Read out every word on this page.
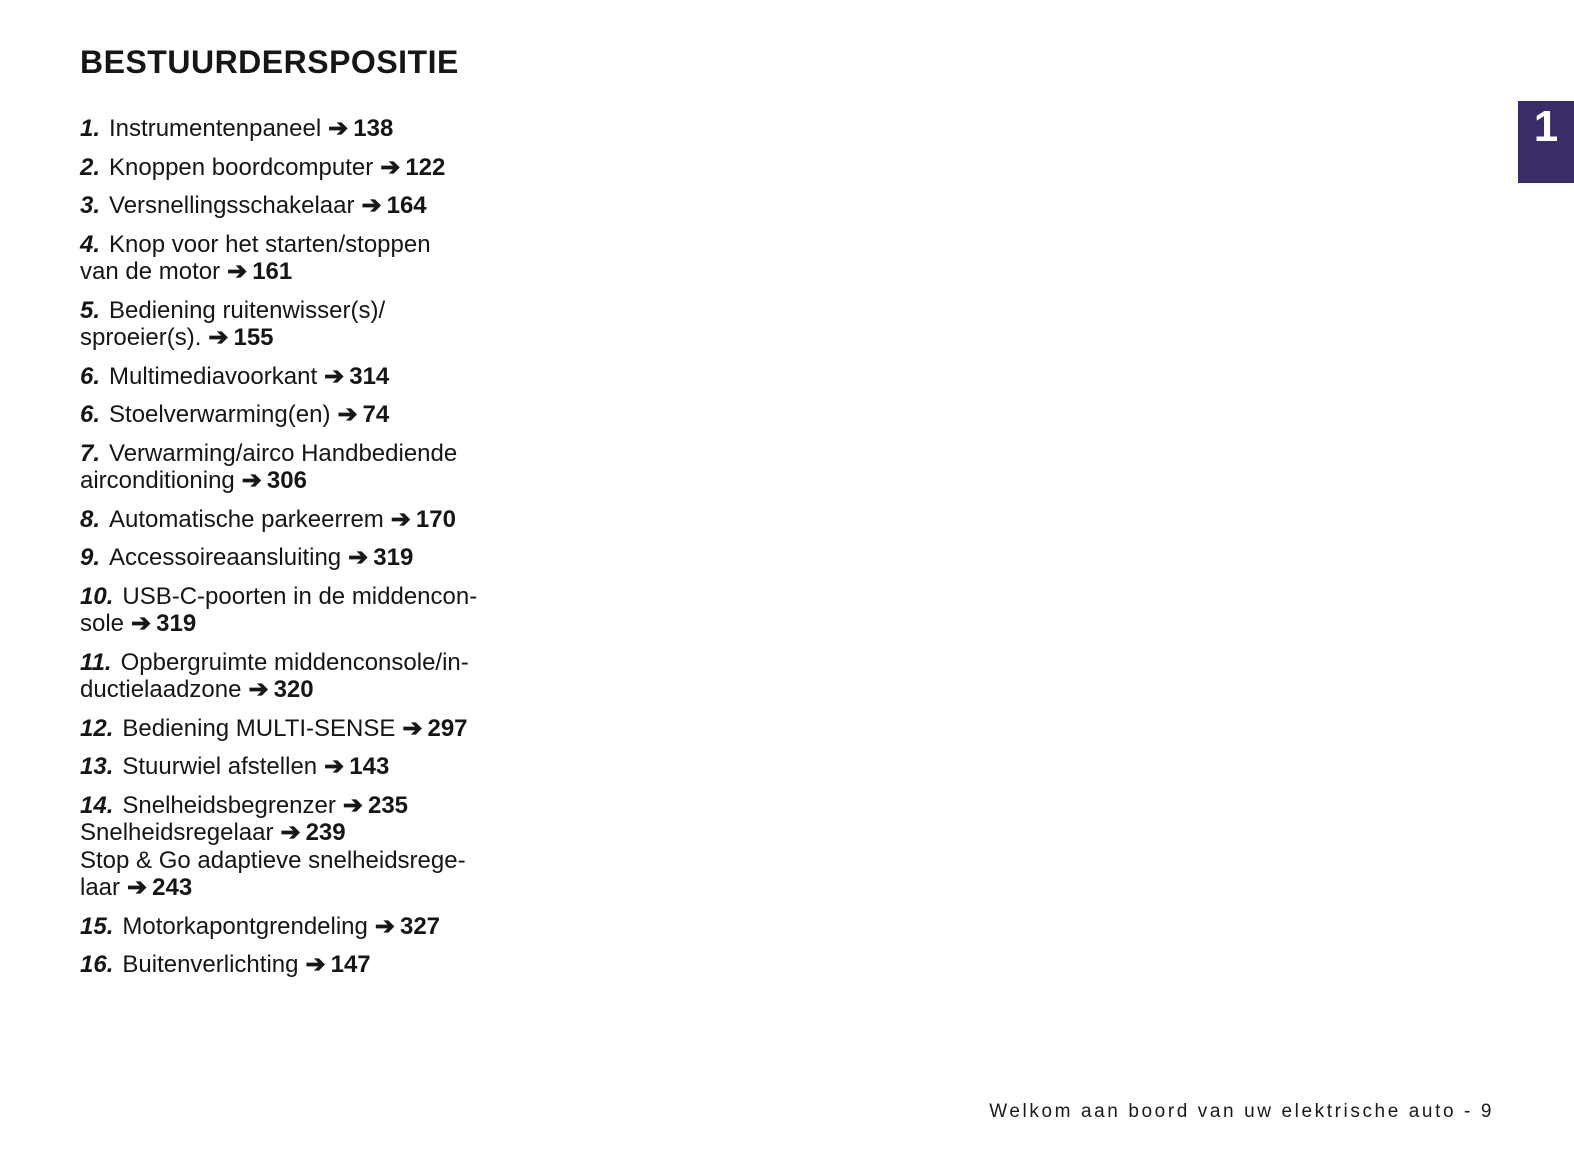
BESTUURDERSPOSITIE
1. Instrumentenpaneel ➔ 138
2. Knoppen boordcomputer ➔ 122
3. Versnellingsschakelaar ➔ 164
4. Knop voor het starten/stoppen
van de motor ➔ 161
5. Bediening ruitenwisser(s)/
sproeier(s). ➔ 155
6. Multimediavoorkant ➔ 314
6. Stoelverwarming(en) ➔ 74
7. Verwarming/airco Handbediende
airconditioning ➔ 306
8. Automatische parkeerrem ➔ 170
9. Accessoireaansluiting ➔ 319
10. USB-C-poorten in de middencon-
sole ➔ 319
11. Opbergruimte middenconsole/in-
ductielaadzone ➔ 320
12. Bediening MULTI-SENSE ➔ 297
13. Stuurwiel afstellen ➔ 143
14. Snelheidsbegrenzer ➔ 235
Snelheidsregelaar ➔ 239
Stop & Go adaptieve snelheidsrege-
laar ➔ 243
15. Motorkapontgrendeling ➔ 327
16. Buitenverlichting ➔ 147
1
Welkom aan boord van uw elektrische auto - 9
